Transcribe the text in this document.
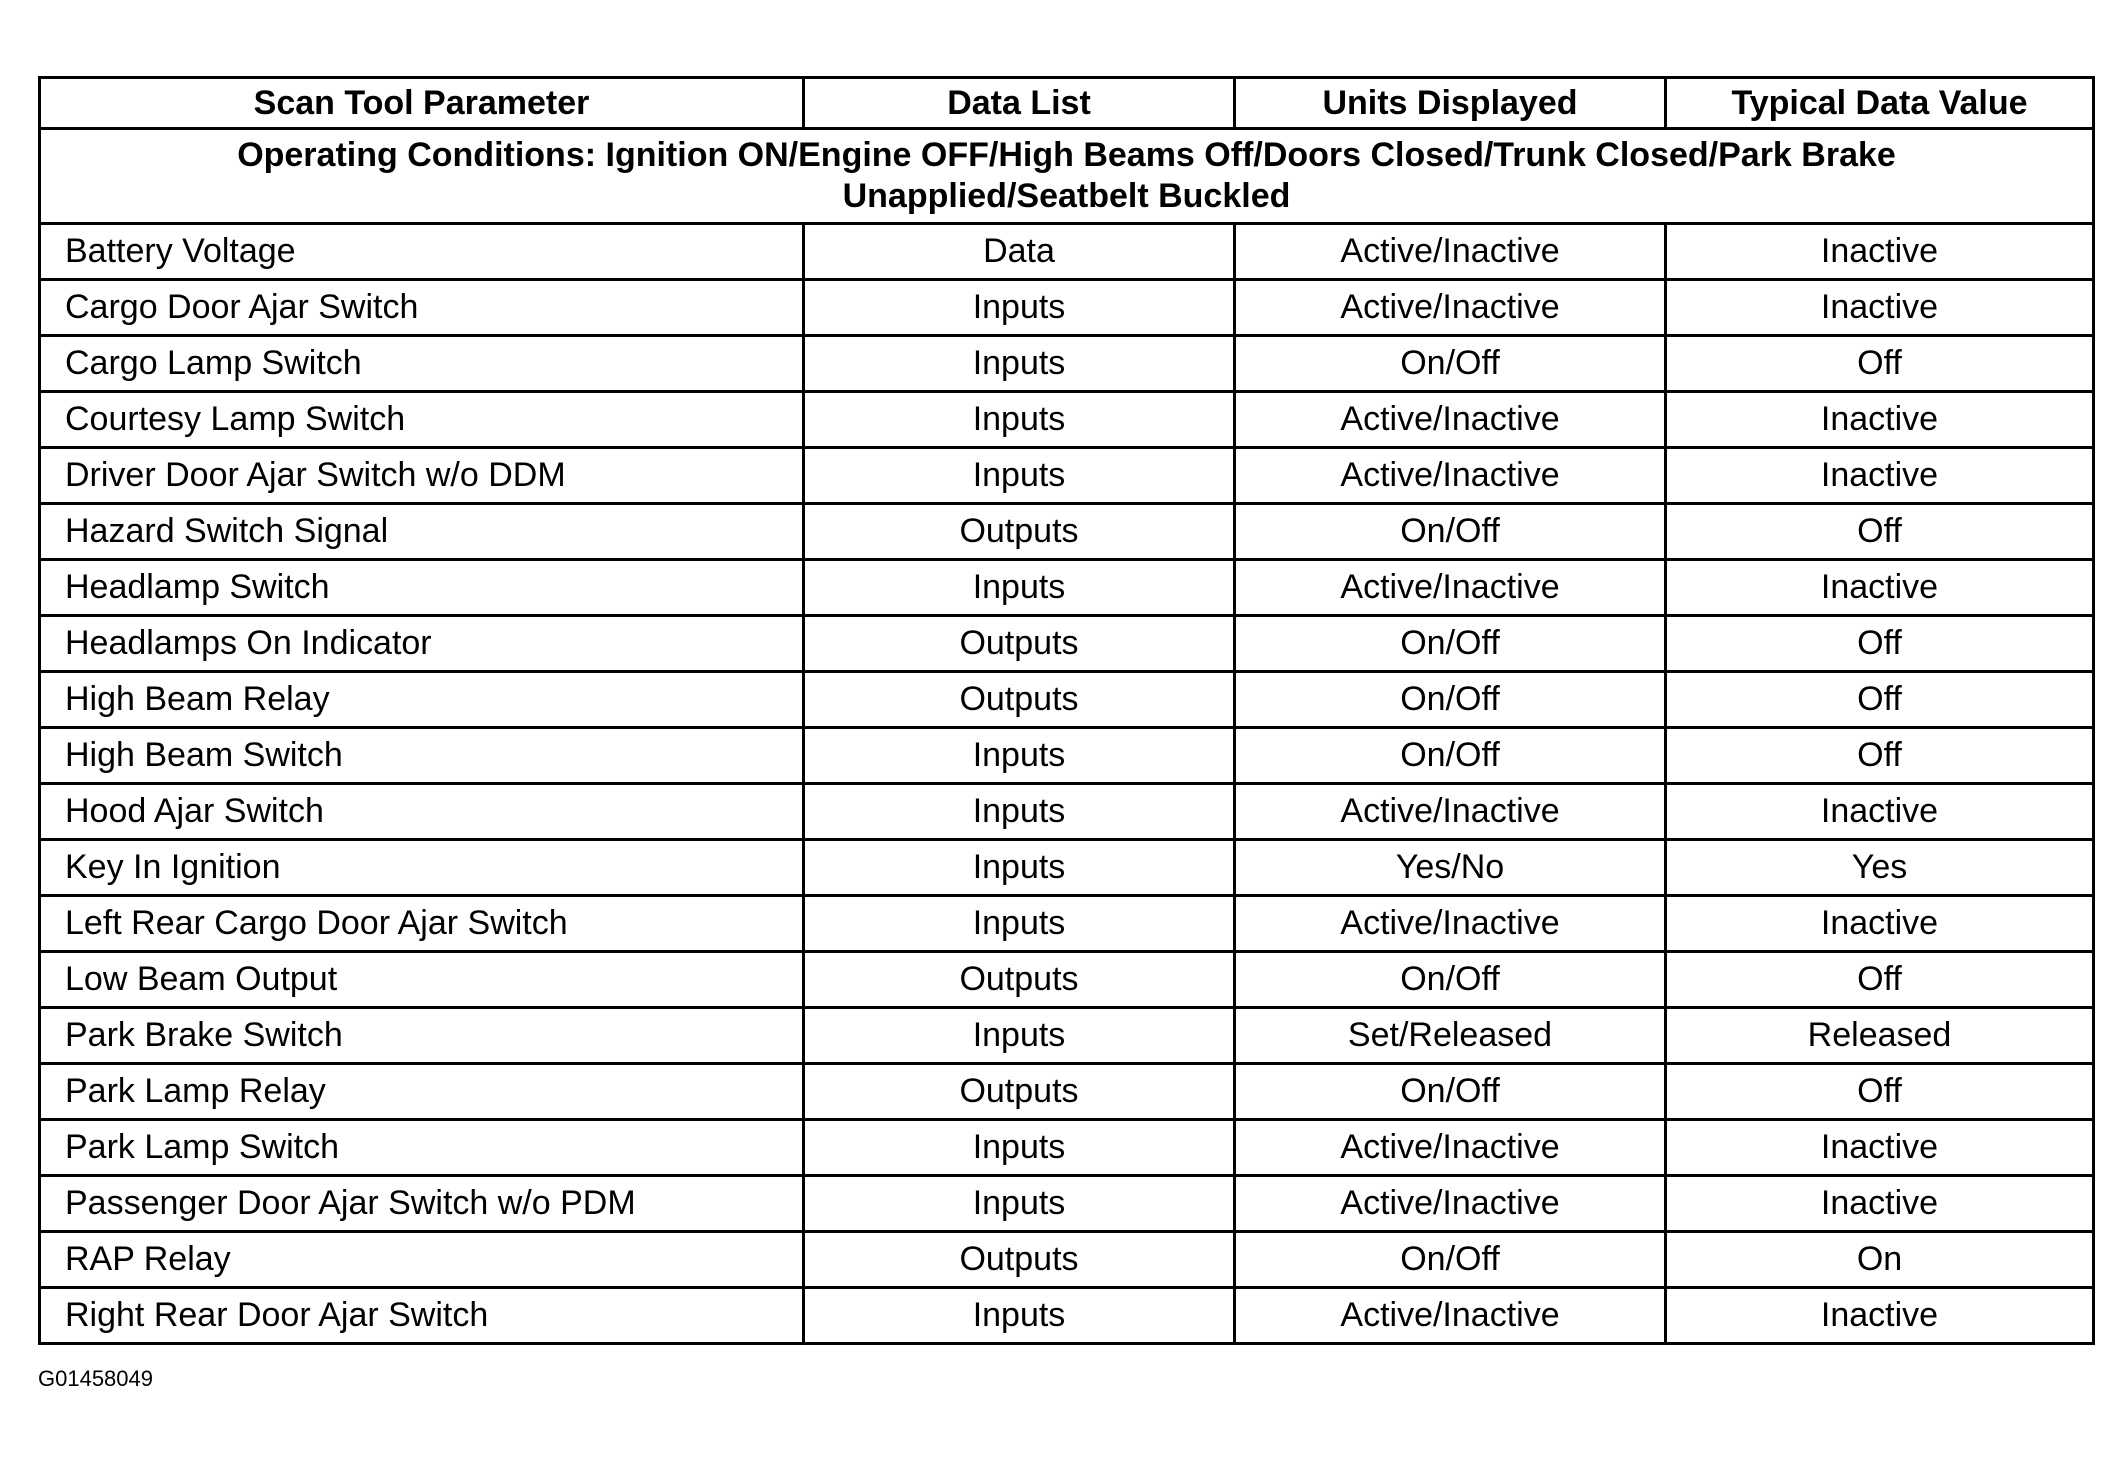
Scan Tool Parameter	Data List	Units Displayed	Typical Data Value
Operating Conditions: Ignition ON/Engine OFF/High Beams Off/Doors Closed/Trunk Closed/Park Brake Unapplied/Seatbelt Buckled			
Battery Voltage	Data	Active/Inactive	Inactive
Cargo Door Ajar Switch	Inputs	Active/Inactive	Inactive
Cargo Lamp Switch	Inputs	On/Off	Off
Courtesy Lamp Switch	Inputs	Active/Inactive	Inactive
Driver Door Ajar Switch w/o DDM	Inputs	Active/Inactive	Inactive
Hazard Switch Signal	Outputs	On/Off	Off
Headlamp Switch	Inputs	Active/Inactive	Inactive
Headlamps On Indicator	Outputs	On/Off	Off
High Beam Relay	Outputs	On/Off	Off
High Beam Switch	Inputs	On/Off	Off
Hood Ajar Switch	Inputs	Active/Inactive	Inactive
Key In Ignition	Inputs	Yes/No	Yes
Left Rear Cargo Door Ajar Switch	Inputs	Active/Inactive	Inactive
Low Beam Output	Outputs	On/Off	Off
Park Brake Switch	Inputs	Set/Released	Released
Park Lamp Relay	Outputs	On/Off	Off
Park Lamp Switch	Inputs	Active/Inactive	Inactive
Passenger Door Ajar Switch w/o PDM	Inputs	Active/Inactive	Inactive
RAP Relay	Outputs	On/Off	On
Right Rear Door Ajar Switch	Inputs	Active/Inactive	Inactive
G01458049
